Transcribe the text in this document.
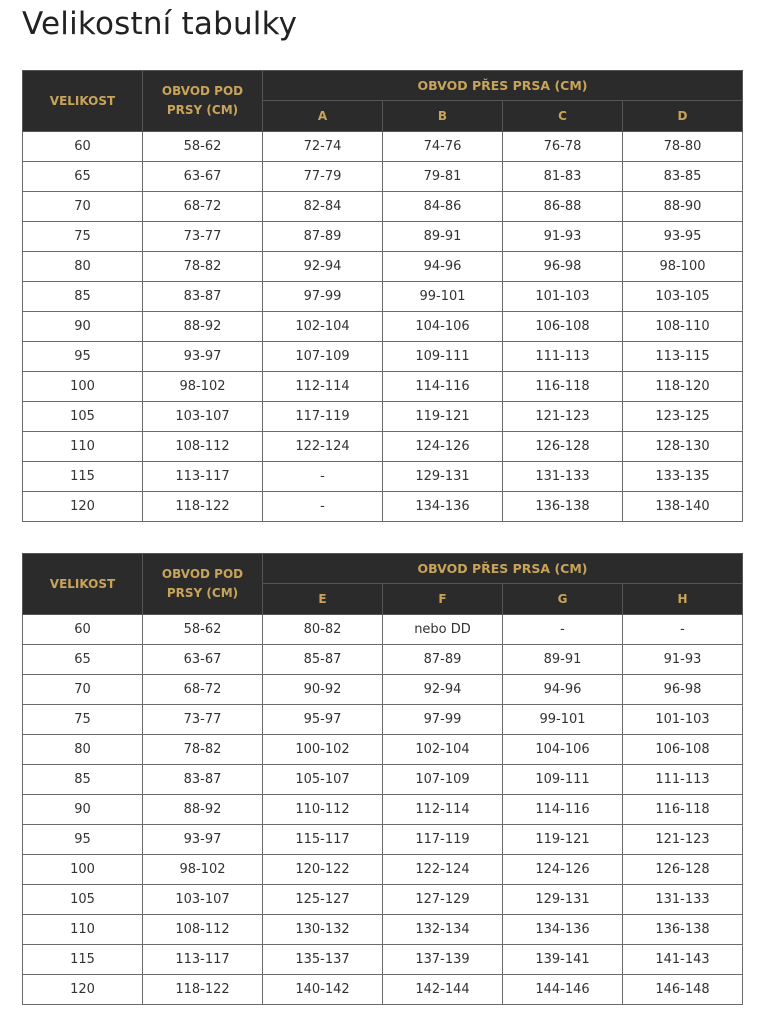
Velikostní tabulky
VELIKOST	OBVOD POD PRSY (CM)	OBVOD PŘES PRSA (CM)			
		A	B	C	D
60	58-62	72-74	74-76	76-78	78-80
65	63-67	77-79	79-81	81-83	83-85
70	68-72	82-84	84-86	86-88	88-90
75	73-77	87-89	89-91	91-93	93-95
80	78-82	92-94	94-96	96-98	98-100
85	83-87	97-99	99-101	101-103	103-105
90	88-92	102-104	104-106	106-108	108-110
95	93-97	107-109	109-111	111-113	113-115
100	98-102	112-114	114-116	116-118	118-120
105	103-107	117-119	119-121	121-123	123-125
110	108-112	122-124	124-126	126-128	128-130
115	113-117	-	129-131	131-133	133-135
120	118-122	-	134-136	136-138	138-140
VELIKOST	OBVOD POD PRSY (CM)	OBVOD PŘES PRSA (CM)			
		E	F	G	H
60	58-62	80-82	nebo DD	-	-
65	63-67	85-87	87-89	89-91	91-93
70	68-72	90-92	92-94	94-96	96-98
75	73-77	95-97	97-99	99-101	101-103
80	78-82	100-102	102-104	104-106	106-108
85	83-87	105-107	107-109	109-111	111-113
90	88-92	110-112	112-114	114-116	116-118
95	93-97	115-117	117-119	119-121	121-123
100	98-102	120-122	122-124	124-126	126-128
105	103-107	125-127	127-129	129-131	131-133
110	108-112	130-132	132-134	134-136	136-138
115	113-117	135-137	137-139	139-141	141-143
120	118-122	140-142	142-144	144-146	146-148
